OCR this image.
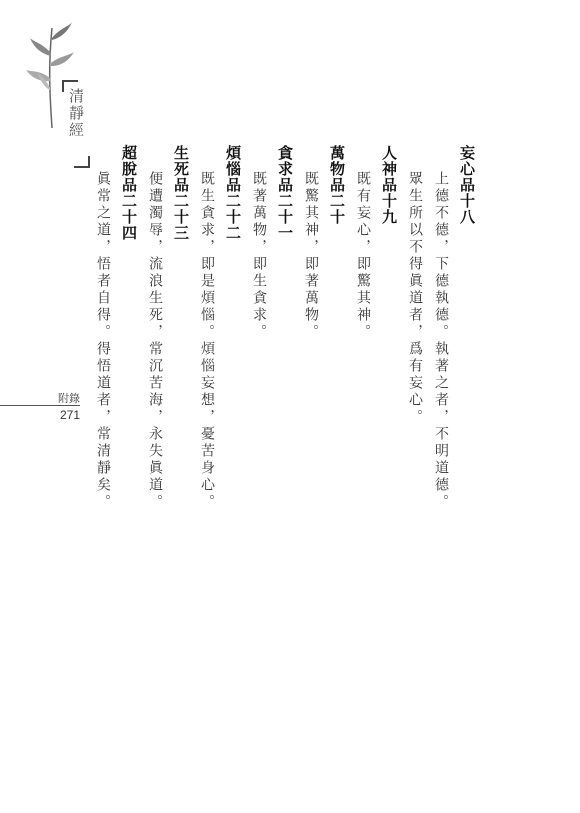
清靜經
附錄
271
妄心品十八
上德不德，下德執德。執著之者，不明道德。
眾生所以不得眞道者，爲有妄心。
人神品十九
既有妄心，即驚其神。
萬物品二十
既驚其神，即著萬物。
貪求品二十一
既著萬物，即生貪求。
煩惱品二十二
既生貪求，即是煩惱。煩惱妄想，憂苦身心。
生死品二十三
便遭濁辱，流浪生死，常沉苦海，永失眞道。
超脫品二十四
眞常之道，悟者自得。得悟道者，常清靜矣。
